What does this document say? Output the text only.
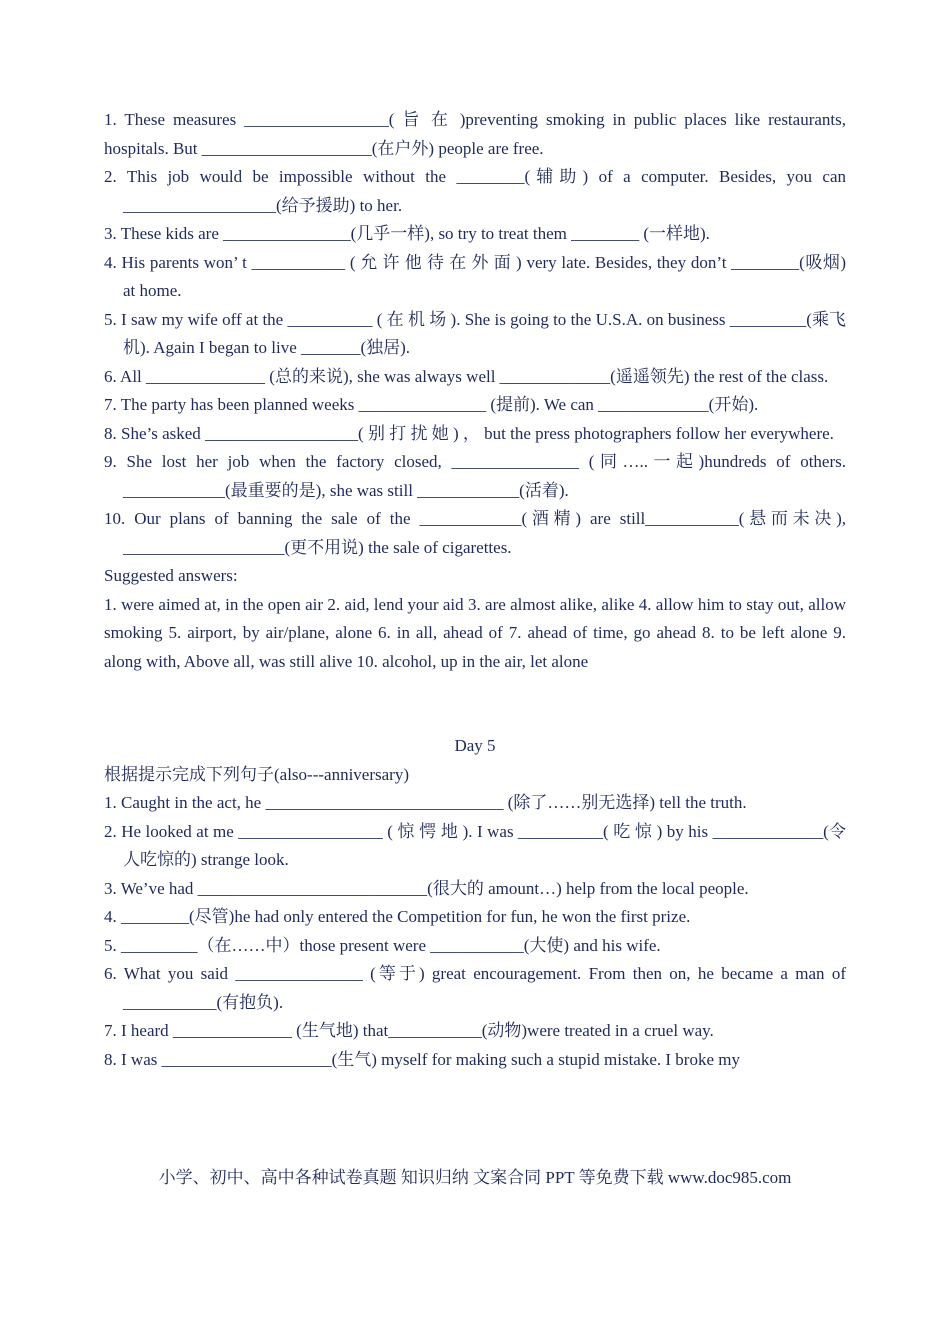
1. These measures _________________( 旨 在 )preventing smoking in public places like restaurants, hospitals. But ____________________(在户外) people are free.

2. This job would be impossible without the ________(辅助) of a computer. Besides, you can __________________(给予援助) to her.

3. These kids are _______________(几乎一样), so try to treat them ________ (一样地).

4. His parents won’ t ___________ ( 允 许 他 待 在 外 面 ) very late. Besides, they don’t ________(吸烟) at home.

5. I saw my wife off at the __________ ( 在 机 场 ). She is going to the U.S.A. on business _________(乘飞机). Again I began to live _______(独居).

6. All ______________ (总的来说), she was always well _____________(遥遥领先) the rest of the class.

7. The party has been planned weeks _______________ (提前). We can _____________(开始).

8. She’s asked __________________( 别 打 扰 她 ) ， but the press photographers follow her everywhere.

9. She lost her job when the factory closed, _______________ (同…..一起)hundreds of others. ____________(最重要的是), she was still ____________(活着).

10. Our plans of banning the sale of the ____________(酒精) are still___________(悬而未决), ___________________(更不用说) the sale of cigarettes.

Suggested answers:

1. were aimed at, in the open air 2. aid, lend your aid 3. are almost alike, alike 4. allow him to stay out, allow smoking 5. airport, by air/plane, alone 6. in all, ahead of 7. ahead of time, go ahead 8. to be left alone 9. along with, Above all, was still alive 10. alcohol, up in the air, let alone

Day 5

根据提示完成下列句子(also---anniversary)

1. Caught in the act, he ____________________________ (除了……别无选择) tell the truth.

2. He looked at me _________________ ( 惊 愕 地 ). I was __________( 吃 惊 ) by his _____________(令人吃惊的) strange look.

3. We’ve had ___________________________(很大的 amount…) help from the local people.

4. ________(尽管)he had only entered the Competition for fun, he won the first prize.

5. _________（在……中）those present were ___________(大使) and his wife.

6. What you said _______________ (等于) great encouragement. From then on, he became a man of ___________(有抱负).

7. I heard ______________ (生气地) that___________(动物)were treated in a cruel way.

8. I was ____________________(生气) myself for making such a stupid mistake. I broke my

小学、初中、高中各种试卷真题 知识归纳 文案合同 PPT 等免费下载 www.doc985.com
